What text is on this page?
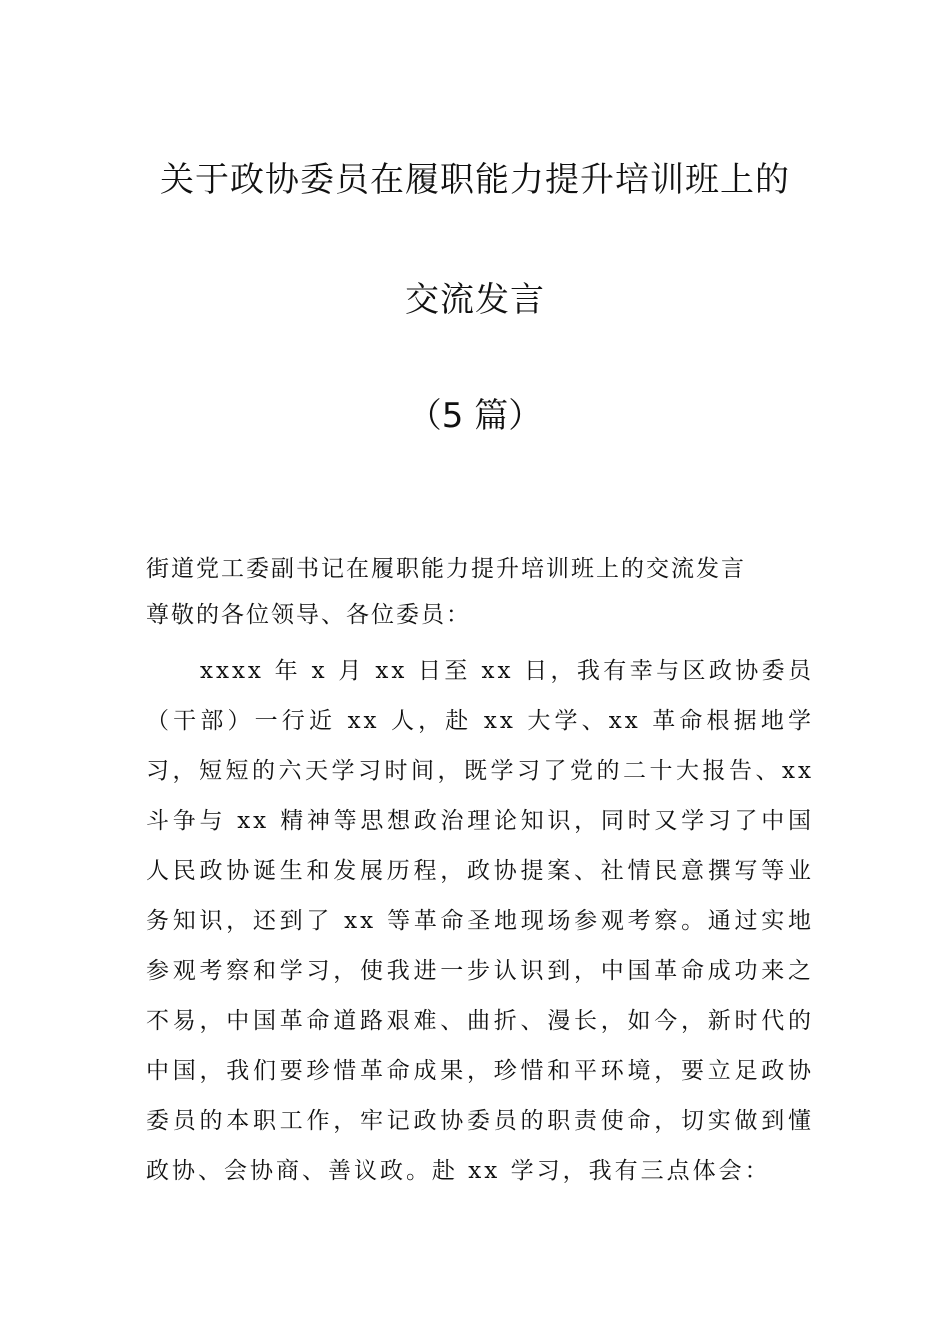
关于政协委员在履职能力提升培训班上的
交流发言
（5 篇）

街道党工委副书记在履职能力提升培训班上的交流发言

尊敬的各位领导、各位委员：

xxxx 年 x 月 xx 日至 xx 日，我有幸与区政协委员（干部）一行近 xx 人，赴 xx 大学、xx 革命根据地学习，短短的六天学习时间，既学习了党的二十大报告、xx 斗争与 xx 精神等思想政治理论知识，同时又学习了中国人民政协诞生和发展历程，政协提案、社情民意撰写等业务知识，还到了 xx 等革命圣地现场参观考察。通过实地参观考察和学习，使我进一步认识到，中国革命成功来之不易，中国革命道路艰难、曲折、漫长，如今，新时代的中国，我们要珍惜革命成果，珍惜和平环境，要立足政协委员的本职工作，牢记政协委员的职责使命，切实做到懂政协、会协商、善议政。赴 xx 学习，我有三点体会：
